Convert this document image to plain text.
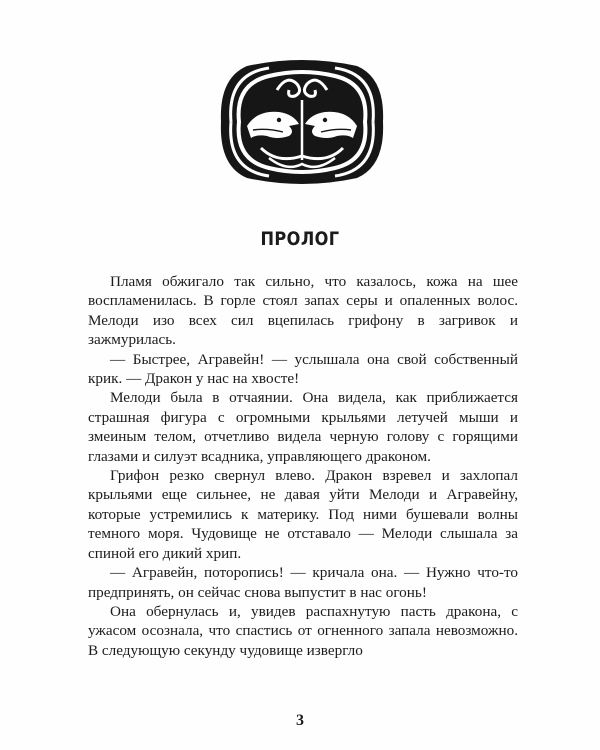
ПРОЛОГ

Пламя обжигало так сильно, что казалось, кожа на шее воспламенилась. В горле стоял запах серы и опаленных волос. Мелоди изо всех сил вцепилась грифону в загривок и зажмурилась.

— Быстрее, Агравейн! — услышала она свой собственный крик. — Дракон у нас на хвосте!

Мелоди была в отчаянии. Она видела, как приближается страшная фигура с огромными крыльями летучей мыши и змеиным телом, отчетливо видела черную голову с горящими глазами и силуэт всадника, управляющего драконом.

Грифон резко свернул влево. Дракон взревел и захлопал крыльями еще сильнее, не давая уйти Мелоди и Агравейну, которые устремились к материку. Под ними бушевали волны темного моря. Чудовище не отставало — Мелоди слышала за спиной его дикий хрип.

— Агравейн, поторопись! — кричала она. — Нужно что-то предпринять, он сейчас снова выпустит в нас огонь!

Она обернулась и, увидев распахнутую пасть дракона, с ужасом осознала, что спастись от огненного запала невозможно. В следующую секунду чудовище извергло

3
